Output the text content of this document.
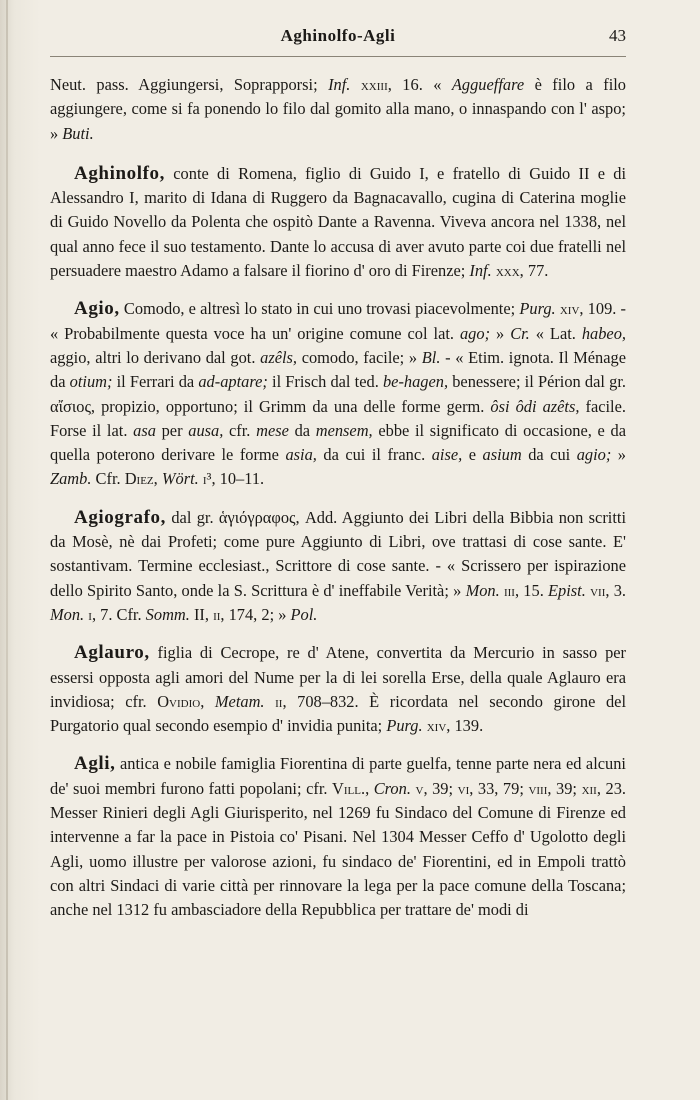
Aghinolfo-Agli	43

Neut. pass. Aggiungersi, Soprapporsi; Inf. xxiii, 16. « Aggueffare è filo a filo aggiungere, come si fa ponendo lo filo dal gomito alla mano, o innaspando con l' aspo; » Buti.

Aghinolfo, conte di Romena, figlio di Guido I, e fratello di Guido II e di Alessandro I, marito di Idana di Ruggero da Bagnacavallo, cugina di Caterina moglie di Guido Novello da Polenta che ospitò Dante a Ravenna. Viveva ancora nel 1338, nel qual anno fece il suo testamento. Dante lo accusa di aver avuto parte coi due fratelli nel persuadere maestro Adamo a falsare il fiorino d' oro di Firenze; Inf. xxx, 77.

Agio, Comodo, e altresì lo stato in cui uno trovasi piacevolmente; Purg. xiv, 109. - « Probabilmente questa voce ha un' origine comune col lat. ago; » Cr. « Lat. habeo, aggio, altri lo derivano dal got. azêls, comodo, facile; » Bl. - « Etim. ignota. Il Ménage da otium; il Ferrari da ad-aptare; il Frisch dal ted. be-hagen, benessere; il Périon dal gr. αἴσιος, propizio, opportuno; il Grimm da una delle forme germ. ôsi ôdi azêts, facile. Forse il lat. asa per ausa, cfr. mese da mensem, ebbe il significato di occasione, e da quella poterono derivare le forme asia, da cui il franc. aise, e asium da cui agio; » Zamb. Cfr. Diez, Wört. i³, 10–11.

Agiografo, dal gr. ἁγιόγραφος, Add. Aggiunto dei Libri della Bibbia non scritti da Mosè, nè dai Profeti; come pure Aggiunto di Libri, ove trattasi di cose sante. E' sostantivam. Termine ecclesiast., Scrittore di cose sante. - « Scrissero per ispirazione dello Spirito Santo, onde la S. Scrittura è d' ineffabile Verità; » Mon. iii, 15. Epist. vii, 3. Mon. i, 7. Cfr. Somm. II, ii, 174, 2; » Pol.

Aglauro, figlia di Cecrope, re d' Atene, convertita da Mercurio in sasso per essersi opposta agli amori del Nume per la di lei sorella Erse, della quale Aglauro era invidiosa; cfr. Ovidio, Metam. ii, 708–832. È ricordata nel secondo girone del Purgatorio qual secondo esempio d' invidia punita; Purg. xiv, 139.

Agli, antica e nobile famiglia Fiorentina di parte guelfa, tenne parte nera ed alcuni de' suoi membri furono fatti popolani; cfr. Vill., Cron. v, 39; vi, 33, 79; viii, 39; xii, 23. Messer Rinieri degli Agli Giurisperito, nel 1269 fu Sindaco del Comune di Firenze ed intervenne a far la pace in Pistoia co' Pisani. Nel 1304 Messer Ceffo d' Ugolotto degli Agli, uomo illustre per valorose azioni, fu sindaco de' Fiorentini, ed in Empoli trattò con altri Sindaci di varie città per rinnovare la lega per la pace comune della Toscana; anche nel 1312 fu ambasciadore della Repubblica per trattare de' modi di
